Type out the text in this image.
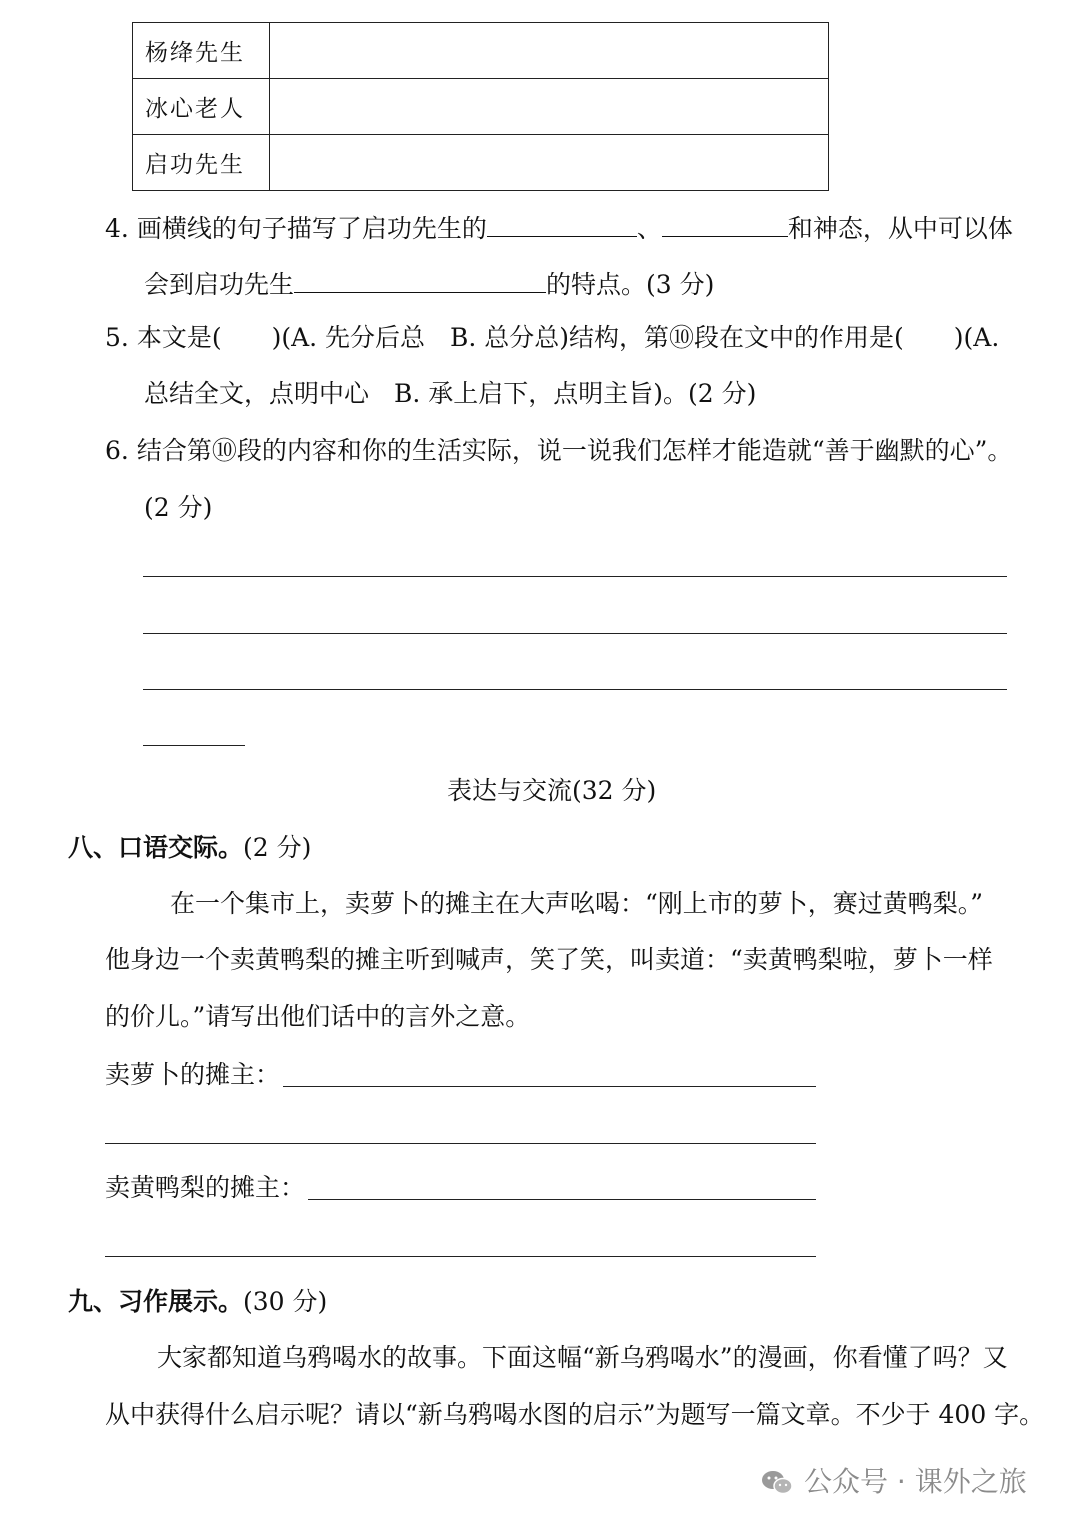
杨绛先生	
冰心老人	
启功先生	
4. 画横线的句子描写了启功先生的	、	和神态，从中可以体
会到启功先生	的特点。(3 分)
5. 本文是(　　)(A. 先分后总　B. 总分总)结构，第⑩段在文中的作用是(　　)(A.
总结全文，点明中心　B. 承上启下，点明主旨)。(2 分)
6. 结合第⑩段的内容和你的生活实际，说一说我们怎样才能造就“善于幽默的心”。
(2 分)
表达与交流(32 分)
八、口语交际。(2 分)
在一个集市上，卖萝卜的摊主在大声吆喝：“刚上市的萝卜，赛过黄鸭梨。”
他身边一个卖黄鸭梨的摊主听到喊声，笑了笑，叫卖道：“卖黄鸭梨啦，萝卜一样
的价儿。”请写出他们话中的言外之意。
卖萝卜的摊主：
卖黄鸭梨的摊主：
九、习作展示。(30 分)
大家都知道乌鸦喝水的故事。下面这幅“新乌鸦喝水”的漫画，你看懂了吗？又
从中获得什么启示呢？请以“新乌鸦喝水图的启示”为题写一篇文章。不少于 400 字。
公众号 · 课外之旅
